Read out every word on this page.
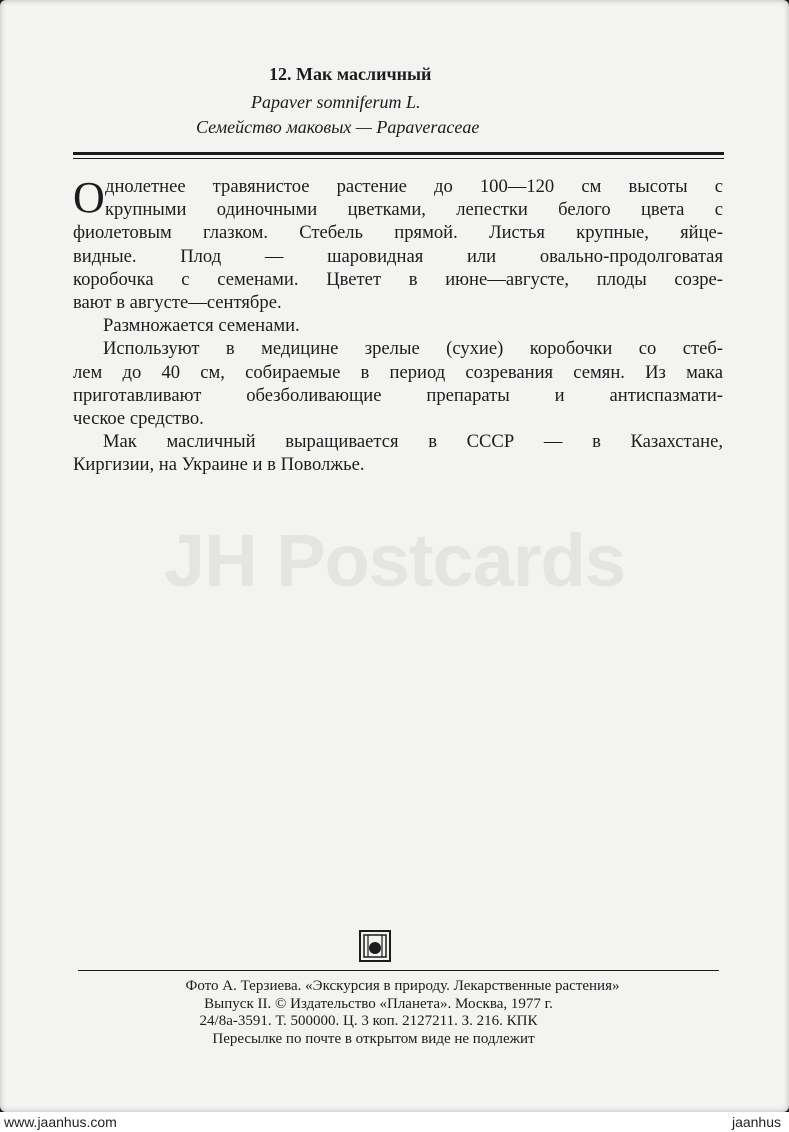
12. Мак масличный
Papaver somniferum L.
Семейство маковых — Papaveraceae
О днолетнее травянистое растение до 100—120 см высоты с
крупными одиночными цветками, лепестки белого цвета с
фиолетовым глазком. Стебель прямой. Листья крупные, яйце-
видные. Плод — шаровидная или овально-продолговатая
коробочка с семенами. Цветет в июне—августе, плоды созре-
вают в августе—сентябре.
Размножается семенами.
Используют в медицине зрелые (сухие) коробочки со стеб-
лем до 40 см, собираемые в период созревания семян. Из мака
приготавливают обезболивающие препараты и антиспазмати-
ческое средство.
Мак масличный выращивается в СССР — в Казахстане,
Киргизии, на Украине и в Поволжье.
JH Postcards
Фото А. Терзиева. «Экскурсия в природу. Лекарственные растения»
Выпуск II. © Издательство «Планета». Москва, 1977 г.
24/8а-3591. Т. 500000. Ц. 3 коп. 2127211. З. 216. КПК
Пересылке по почте в открытом виде не подлежит
www.jaanhus.com	jaanhus
